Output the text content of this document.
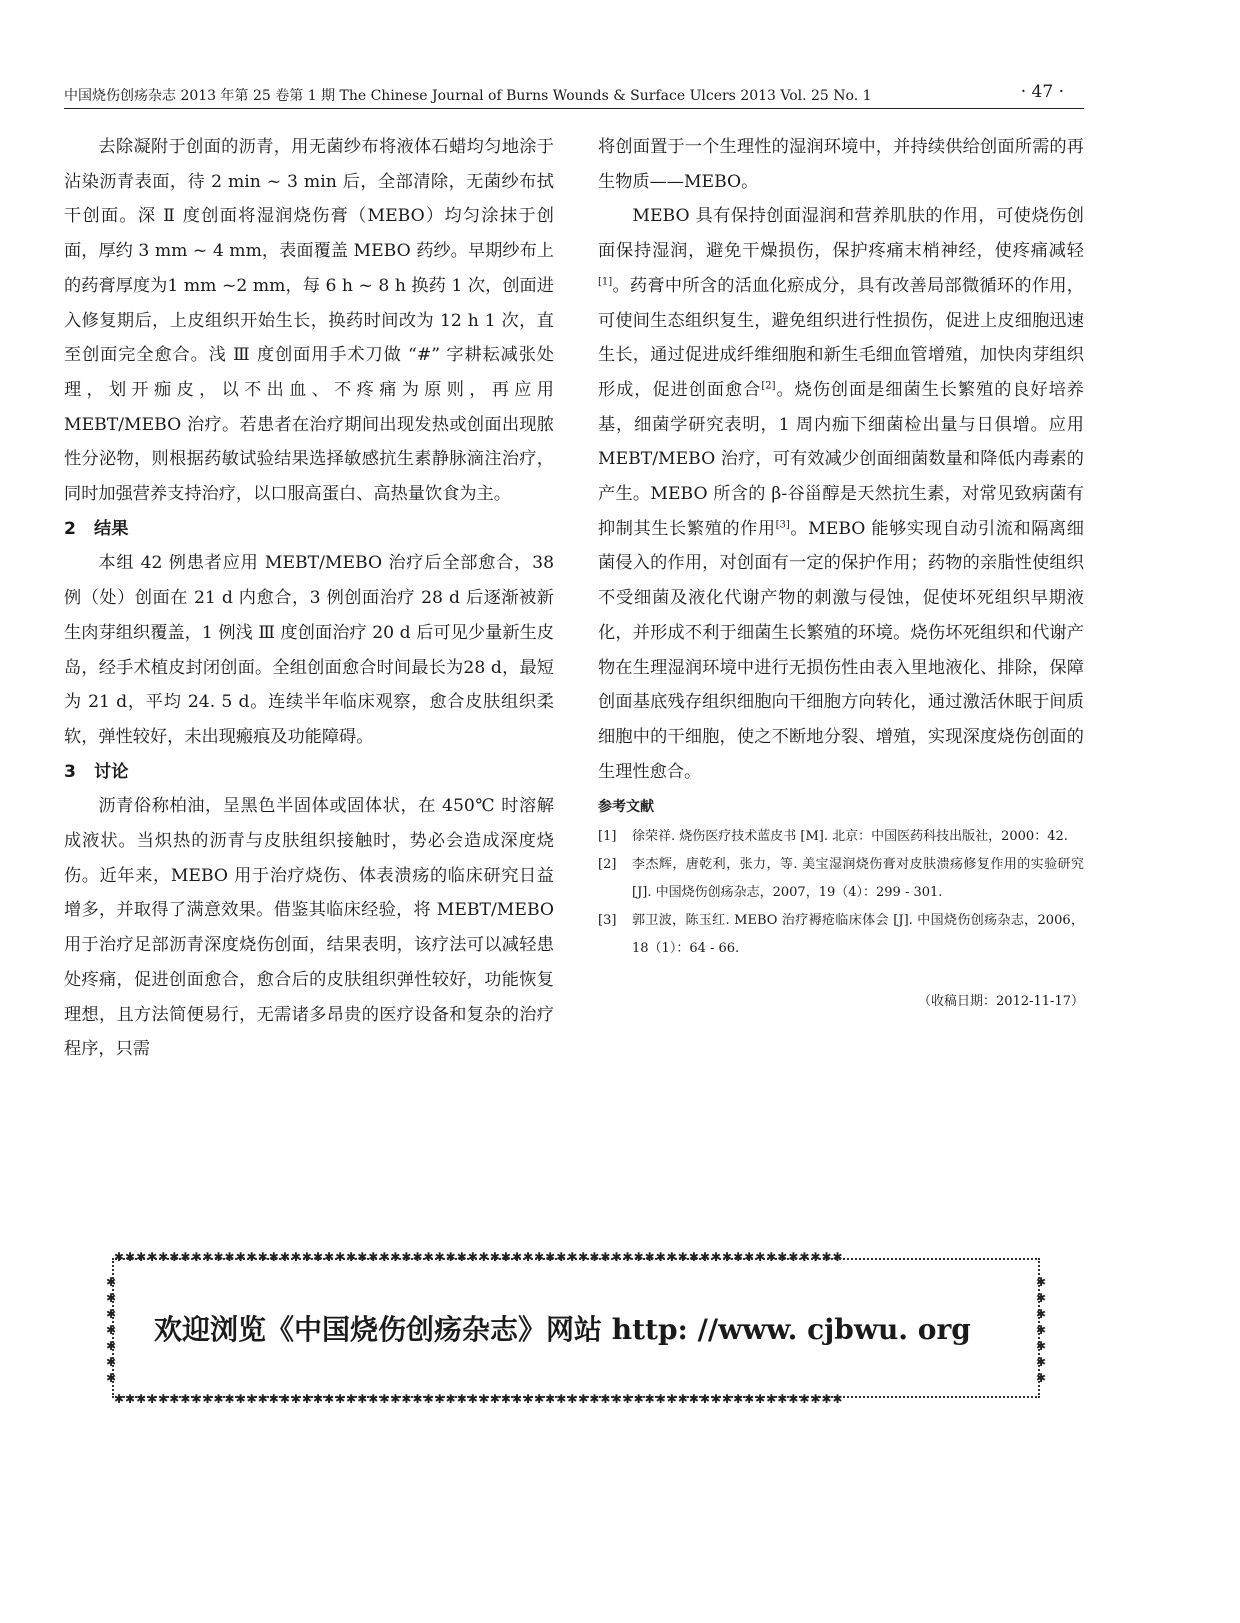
中国烧伤创疡杂志 2013 年第 25 卷第 1 期 The Chinese Journal of Burns Wounds & Surface Ulcers 2013 Vol. 25 No. 1	· 47 ·

去除凝附于创面的沥青，用无菌纱布将液体石蜡均匀地涂于沾染沥青表面，待 2 min ~ 3 min 后，全部清除，无菌纱布拭干创面。深 Ⅱ 度创面将湿润烧伤膏（MEBO）均匀涂抹于创面，厚约 3 mm ~ 4 mm，表面覆盖 MEBO 药纱。早期纱布上的药膏厚度为1 mm ~2 mm，每 6 h ~ 8 h 换药 1 次，创面进入修复期后，上皮组织开始生长，换药时间改为 12 h 1 次，直至创面完全愈合。浅 Ⅲ 度创面用手术刀做 “#” 字耕耘减张处理，划开痂皮，以不出血、不疼痛为原则，再应用 MEBT/MEBO 治疗。若患者在治疗期间出现发热或创面出现脓性分泌物，则根据药敏试验结果选择敏感抗生素静脉滴注治疗，同时加强营养支持治疗，以口服高蛋白、高热量饮食为主。

2 结果

本组 42 例患者应用 MEBT/MEBO 治疗后全部愈合，38 例（处）创面在 21 d 内愈合，3 例创面治疗 28 d 后逐渐被新生肉芽组织覆盖，1 例浅 Ⅲ 度创面治疗 20 d 后可见少量新生皮岛，经手术植皮封闭创面。全组创面愈合时间最长为28 d，最短为 21 d，平均 24. 5 d。连续半年临床观察，愈合皮肤组织柔软，弹性较好，未出现瘢痕及功能障碍。

3 讨论

沥青俗称柏油，呈黑色半固体或固体状，在 450℃ 时溶解成液状。当炽热的沥青与皮肤组织接触时，势必会造成深度烧伤。近年来，MEBO 用于治疗烧伤、体表溃疡的临床研究日益增多，并取得了满意效果。借鉴其临床经验，将 MEBT/MEBO 用于治疗足部沥青深度烧伤创面，结果表明，该疗法可以减轻患处疼痛，促进创面愈合，愈合后的皮肤组织弹性较好，功能恢复理想，且方法简便易行，无需诸多昂贵的医疗设备和复杂的治疗程序，只需

将创面置于一个生理性的湿润环境中，并持续供给创面所需的再生物质——MEBO。

MEBO 具有保持创面湿润和营养肌肤的作用，可使烧伤创面保持湿润，避免干燥损伤，保护疼痛末梢神经，使疼痛减轻[1]。药膏中所含的活血化瘀成分，具有改善局部微循环的作用，可使间生态组织复生，避免组织进行性损伤，促进上皮细胞迅速生长，通过促进成纤维细胞和新生毛细血管增殖，加快肉芽组织形成，促进创面愈合[2]。烧伤创面是细菌生长繁殖的良好培养基，细菌学研究表明，1 周内痂下细菌检出量与日俱增。应用 MEBT/MEBO 治疗，可有效减少创面细菌数量和降低内毒素的产生。MEBO 所含的 β-谷甾醇是天然抗生素，对常见致病菌有抑制其生长繁殖的作用[3]。MEBO 能够实现自动引流和隔离细菌侵入的作用，对创面有一定的保护作用；药物的亲脂性使组织不受细菌及液化代谢产物的刺激与侵蚀，促使坏死组织早期液化，并形成不利于细菌生长繁殖的环境。烧伤坏死组织和代谢产物在生理湿润环境中进行无损伤性由表入里地液化、排除，保障创面基底残存组织细胞向干细胞方向转化，通过激活休眠于间质细胞中的干细胞，使之不断地分裂、增殖，实现深度烧伤创面的生理性愈合。

参考文献
[1]	徐荣祥. 烧伤医疗技术蓝皮书 [M]. 北京：中国医药科技出版社，2000：42.
[2]	李杰辉，唐乾利，张力，等. 美宝湿润烧伤膏对皮肤溃疡修复作用的实验研究 [J]. 中国烧伤创疡杂志，2007，19（4）：299 - 301.
[3]	郭卫波，陈玉红. MEBO 治疗褥疮临床体会 [J]. 中国烧伤创疡杂志，2006，18（1）：64 - 66.
（收稿日期：2012-11-17）
✱✱✱✱✱✱✱✱✱✱✱✱✱✱✱✱✱✱✱✱✱✱✱✱✱✱✱✱✱✱✱✱✱✱✱✱✱✱✱✱✱✱✱✱✱✱✱✱✱✱✱✱✱✱✱✱✱✱✱✱✱✱✱✱✱✱
✱
✱
✱
✱
✱
✱
✱
✱
✱
✱
✱
✱
✱
✱
欢迎浏览《中国烧伤创疡杂志》网站 http: //www. cjbwu. org
✱✱✱✱✱✱✱✱✱✱✱✱✱✱✱✱✱✱✱✱✱✱✱✱✱✱✱✱✱✱✱✱✱✱✱✱✱✱✱✱✱✱✱✱✱✱✱✱✱✱✱✱✱✱✱✱✱✱✱✱✱✱✱✱✱✱
